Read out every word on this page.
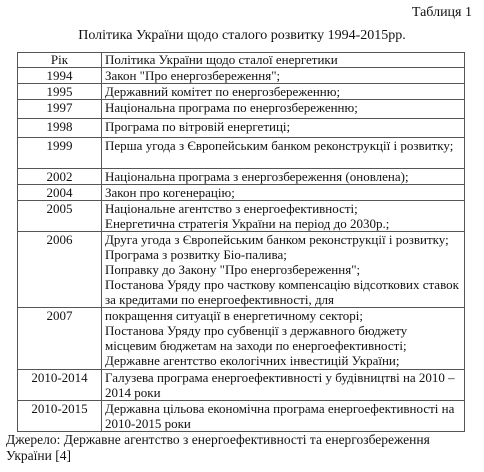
Таблиця 1
Політика України щодо сталого розвитку 1994-2015рр.
Рік	Політика України щодо сталої енергетики
1994	Закон "Про енергозбереження";
1995	Державний комітет по енергозбереженню;
1997	Національна програма по енергозбереженню;
1998	Програма по вітровій енергетиці;
1999	Перша угода з Європейським банком реконструкції і розвитку;
2002	Національна програма з енергозбереження (оновлена);
2004	Закон про когенерацію;
2005	Національне агентство з енергоефективності;
Енергетична стратегія України на період до 2030р.;

2006	Друга угода з Європейським банком реконструкції і розвитку; Програма з розвитку Біо-палива;
Поправку до Закону "Про енергозбереження";
Постанова Уряду про часткову компенсацію відсоткових ставок за кредитами по енергоефективності, для

2007	покращення ситуації в енергетичному секторі;
Постанова Уряду про субвенції з державного бюджету місцевим бюджетам на заходи по енергоефективності;
Державне агентство екологічних інвестицій України;

2010-2014	Галузева програма енергоефективності у будівництві на 2010 – 2014 роки
2010-2015	Державна цільова економічна програма енергоефективності на 2010-2015 роки
Джерело: Державне агентство з енергоефективності та енергозбереження України [4]
